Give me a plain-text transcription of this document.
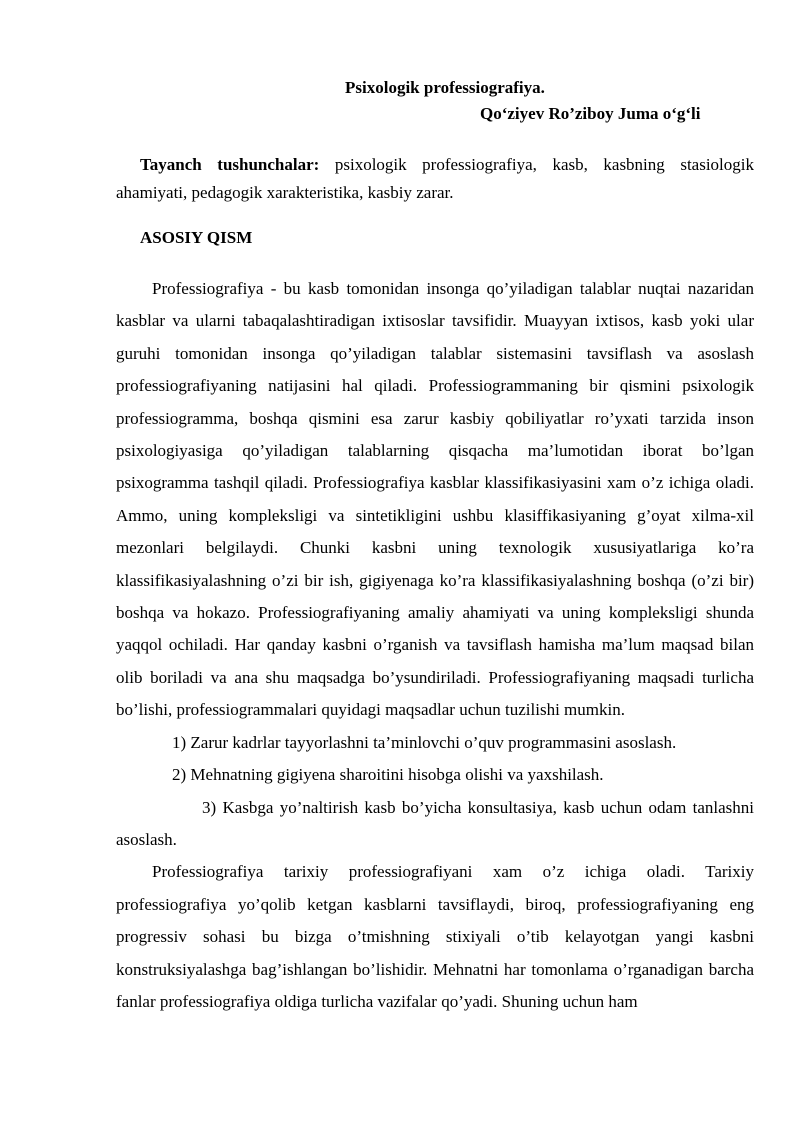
Psixologik professiografiya.
Qo‘ziyev Ro’ziboy Juma o‘g‘li
Tayanch tushunchalar: psixologik professiografiya, kasb, kasbning stasiologik ahamiyati, pedagogik xarakteristika, kasbiy zarar.
ASOSIY QISM

Professiografiya - bu kasb tomonidan insonga qo’yiladigan talablar nuqtai nazaridan kasblar va ularni tabaqalashtiradigan ixtisoslar tavsifidir. Muayyan ixtisos, kasb yoki ular guruhi tomonidan insonga qo’yiladigan talablar sistemasini tavsiflash va asoslash professiografiyaning natijasini hal qiladi. Professiogrammaning bir qismini psixologik professiogramma, boshqa qismini esa zarur kasbiy qobiliyatlar ro’yxati tarzida inson psixologiyasiga qo’yiladigan talablarning qisqacha ma’lumotidan iborat bo’lgan psixogramma tashqil qiladi. Professiografiya kasblar klassifikasiyasini xam o’z ichiga oladi. Ammo, uning kompleksligi va sintetikligini ushbu klasiffikasiyaning g’oyat xilma-xil mezonlari belgilaydi. Chunki kasbni uning texnologik xususiyatlariga ko’ra klassifikasiyalashning o’zi bir ish, gigiyenaga ko’ra klassifikasiyalashning boshqa (o’zi bir) boshqa va hokazo. Professiografiyaning amaliy ahamiyati va uning kompleksligi shunda yaqqol ochiladi. Har qanday kasbni o’rganish va tavsiflash hamisha ma’lum maqsad bilan olib boriladi va ana shu maqsadga bo’ysundiriladi. Professiografiyaning maqsadi turlicha bo’lishi, professiogrammalari quyidagi maqsadlar uchun tuzilishi mumkin.

1) Zarur kadrlar tayyorlashni ta’minlovchi o’quv programmasini asoslash.

2) Mehnatning gigiyena sharoitini hisobga olishi va yaxshilash.

3) Kasbga yo’naltirish kasb bo’yicha konsultasiya, kasb uchun odam tanlashni asoslash.

Professiografiya tarixiy professiografiyani xam o’z ichiga oladi. Tarixiy professiografiya yo’qolib ketgan kasblarni tavsiflaydi, biroq, professiografiyaning eng progressiv sohasi bu bizga o’tmishning stixiyali o’tib kelayotgan yangi kasbni konstruksiyalashga bag’ishlangan bo’lishidir. Mehnatni har tomonlama o’rganadigan barcha fanlar professiografiya oldiga turlicha vazifalar qo’yadi. Shuning uchun ham
